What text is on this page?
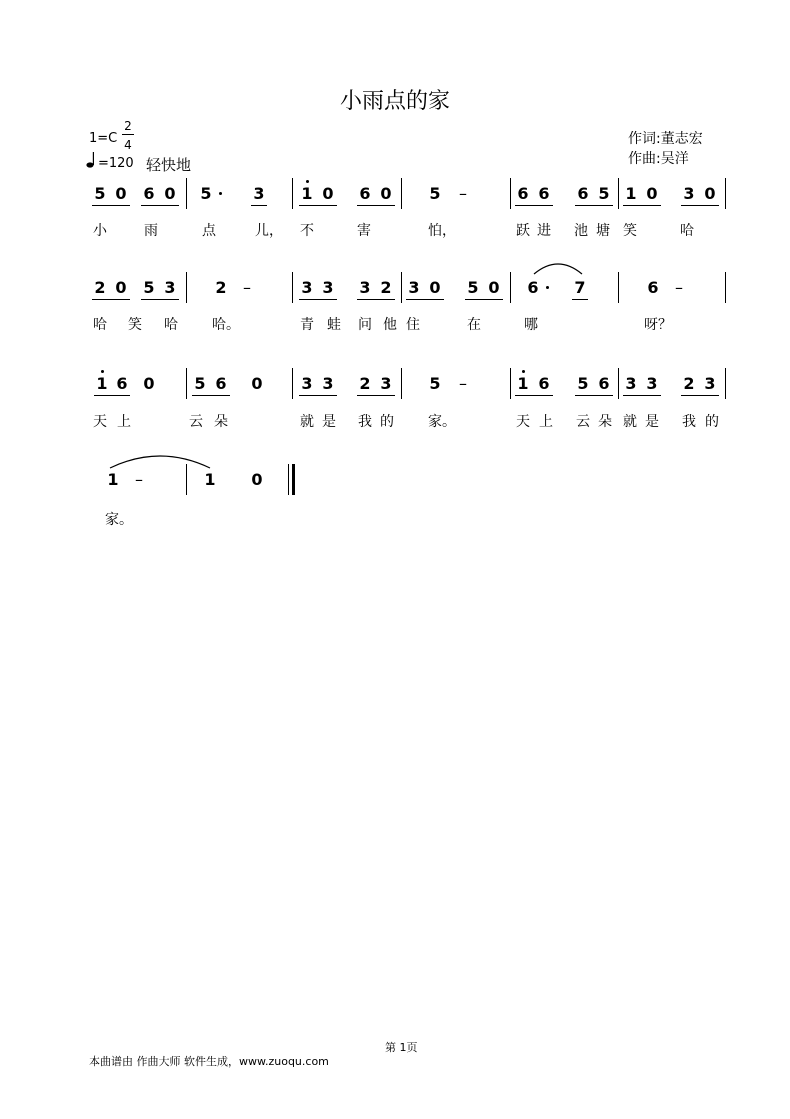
小雨点的家
1=C
2
4
=120 轻快地
作词:董志宏
作曲:吴洋
5 0 6 0 5	3 1 0 6 0 5 –	6 6 6 5 1 0 3 0
小	雨	点	儿， 不	害	怕，	跃 进 池 塘 笑	哈
2 0 5 3 2 –	3 3 3 2 3 0 5 0 6 7	6 –
哈 笑 哈 哈。	青 蛙 问 他 住	在	哪	呀？
1 6 0 5 6 0 3 3 2 3 5 –	1 6 5 6 3 3 2 3
天 上	云 朵	就 是 我 的 家。	天 上 云 朵 就 是 我 的
1 –	1 0
家。
第 1页
本曲谱由 作曲大师 软件生成，www.zuoqu.com
